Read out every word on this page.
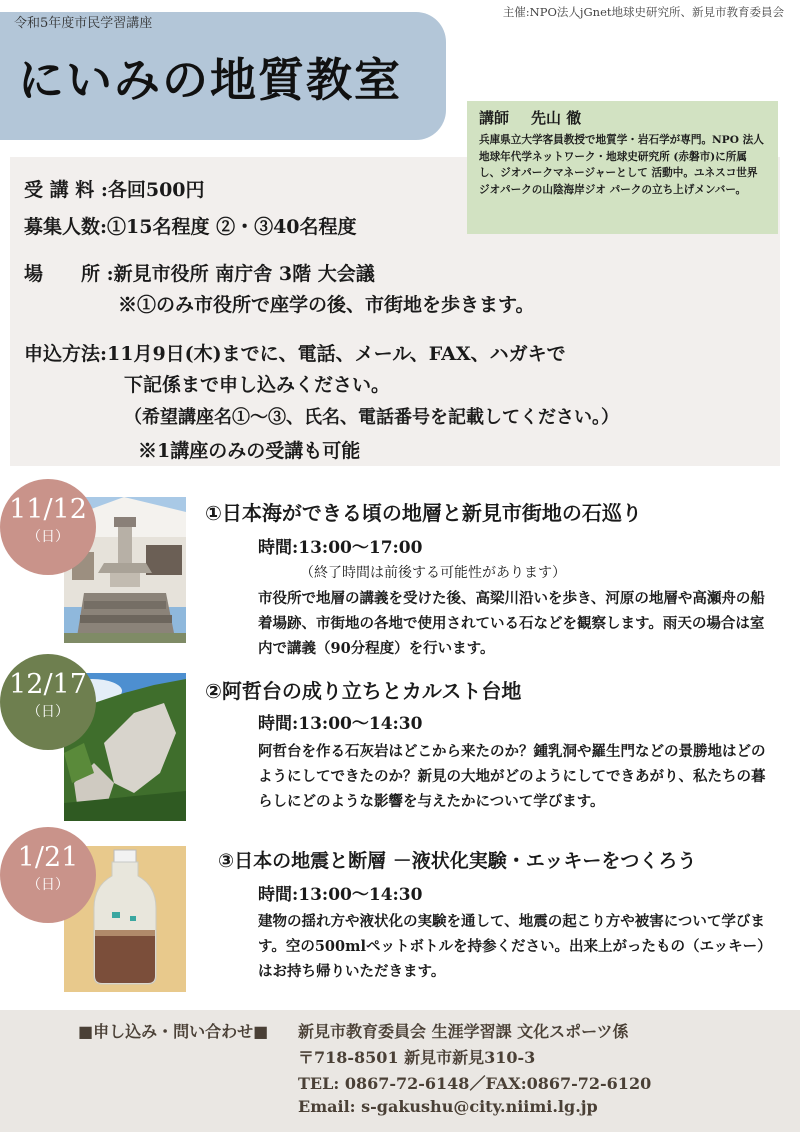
令和5年度市民学習講座
にいみの地質教室
主催:NPO法人jGnet地球史研究所、新見市教育委員会
受 講 料 :各回500円
募集人数:①15名程度 ②・③40名程度
場　　所 :新見市役所 南庁舎 3階 大会議
※①のみ市役所で座学の後、市街地を歩きます。
申込方法:11月9日(木)までに、電話、メール、FAX、ハガキで
下記係まで申し込みください。
（希望講座名①～③、氏名、電話番号を記載してください。）
※1講座のみの受講も可能
講師 先山 徹
兵庫県立大学客員教授で地質学・岩石学が専門。NPO 法人地球年代学ネットワーク・地球史研究所 (赤磐市)に所属し、ジオパークマネージャーとして 活動中。ユネスコ世界ジオパークの山陰海岸ジオ パークの立ち上げメンバー。
11/12
（日）
①日本海ができる頃の地層と新見市街地の石巡り
時間:13:00～17:00
（終了時間は前後する可能性があります）
市役所で地層の講義を受けた後、高梁川沿いを歩き、河原の地層や高瀬舟の船着場跡、市街地の各地で使用されている石などを観察します。雨天の場合は室内で講義（90分程度）を行います。
12/17
（日）
②阿哲台の成り立ちとカルスト台地
時間:13:00～14:30
阿哲台を作る石灰岩はどこから来たのか？鍾乳洞や羅生門などの景勝地はどのようにしてできたのか？新見の大地がどのようにしてできあがり、私たちの暮らしにどのような影響を与えたかについて学びます。
1/21
（日）
③日本の地震と断層 －液状化実験・エッキーをつくろう
時間:13:00～14:30
建物の揺れ方や液状化の実験を通して、地震の起こり方や被害について学びます。空の500mlペットボトルを持参ください。出来上がったもの（エッキー）はお持ち帰りいただきます。
■申し込み・問い合わせ■ 新見市教育委員会 生涯学習課 文化スポーツ係
〒718-8501 新見市新見310-3
TEL: 0867-72-6148／FAX:0867-72-6120
Email: s-gakushu@city.niimi.lg.jp
